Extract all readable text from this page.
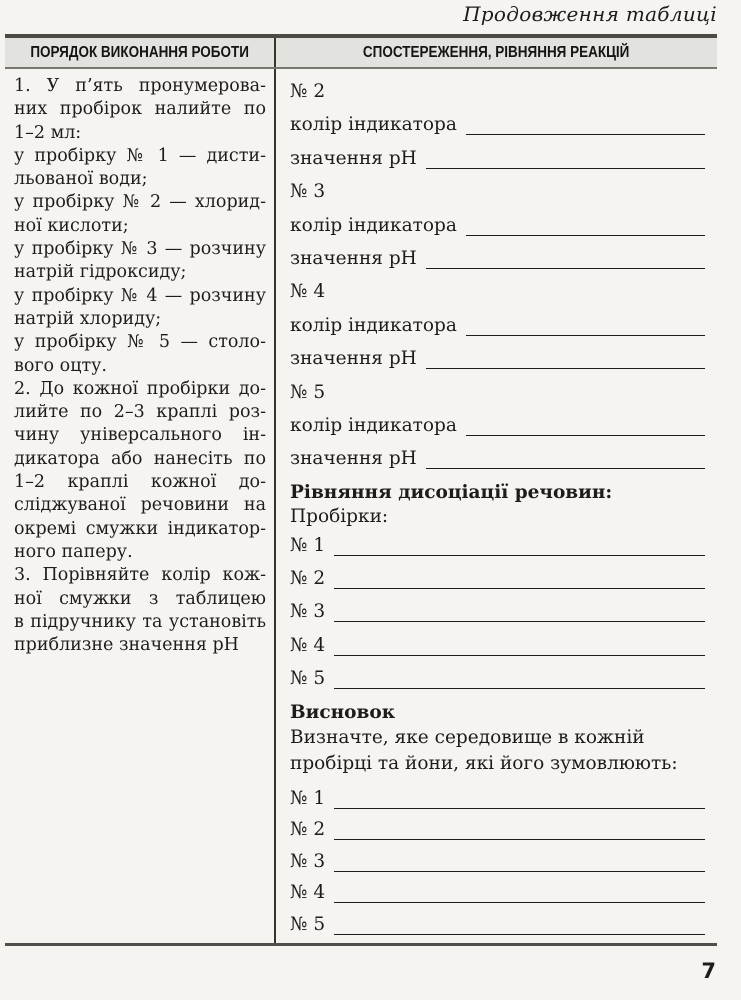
Продовження таблиці
ПОРЯДОК ВИКОНАННЯ РОБОТИ	СПОСТЕРЕЖЕННЯ, РІВНЯННЯ РЕАКЦІЙ
1. У п’ять пронумерова-
них пробірок налийте по
1–2 мл:
у пробірку № 1 — дисти-
льованої води;
у пробірку № 2 — хлорид-
ної кислоти;
у пробірку № 3 — розчину
натрій гідроксиду;
у пробірку № 4 — розчину
натрій хлориду;
у пробірку № 5 — столо-
вого оцту.
2. До кожної пробірки до-
лийте по 2–3 краплі роз-
чину універсального ін-
дикатора або нанесіть по
1–2 краплі кожної до-
сліджуваної речовини на
окремі смужки індикатор-
ного паперу.
3. Порівняйте колір кож-
ної смужки з таблицею
в підручнику та установіть
приблизне значення pH
№ 2
колір індикатора
значення pH
№ 3
колір індикатора
значення pH
№ 4
колір індикатора
значення pH
№ 5
колір індикатора
значення pH
Рівняння дисоціації речовин:
Пробірки:
№ 1
№ 2
№ 3
№ 4
№ 5
Висновок
Визначте, яке середовище в кожній пробірці та йони, які його зумовлюють:
№ 1
№ 2
№ 3
№ 4
№ 5
7
